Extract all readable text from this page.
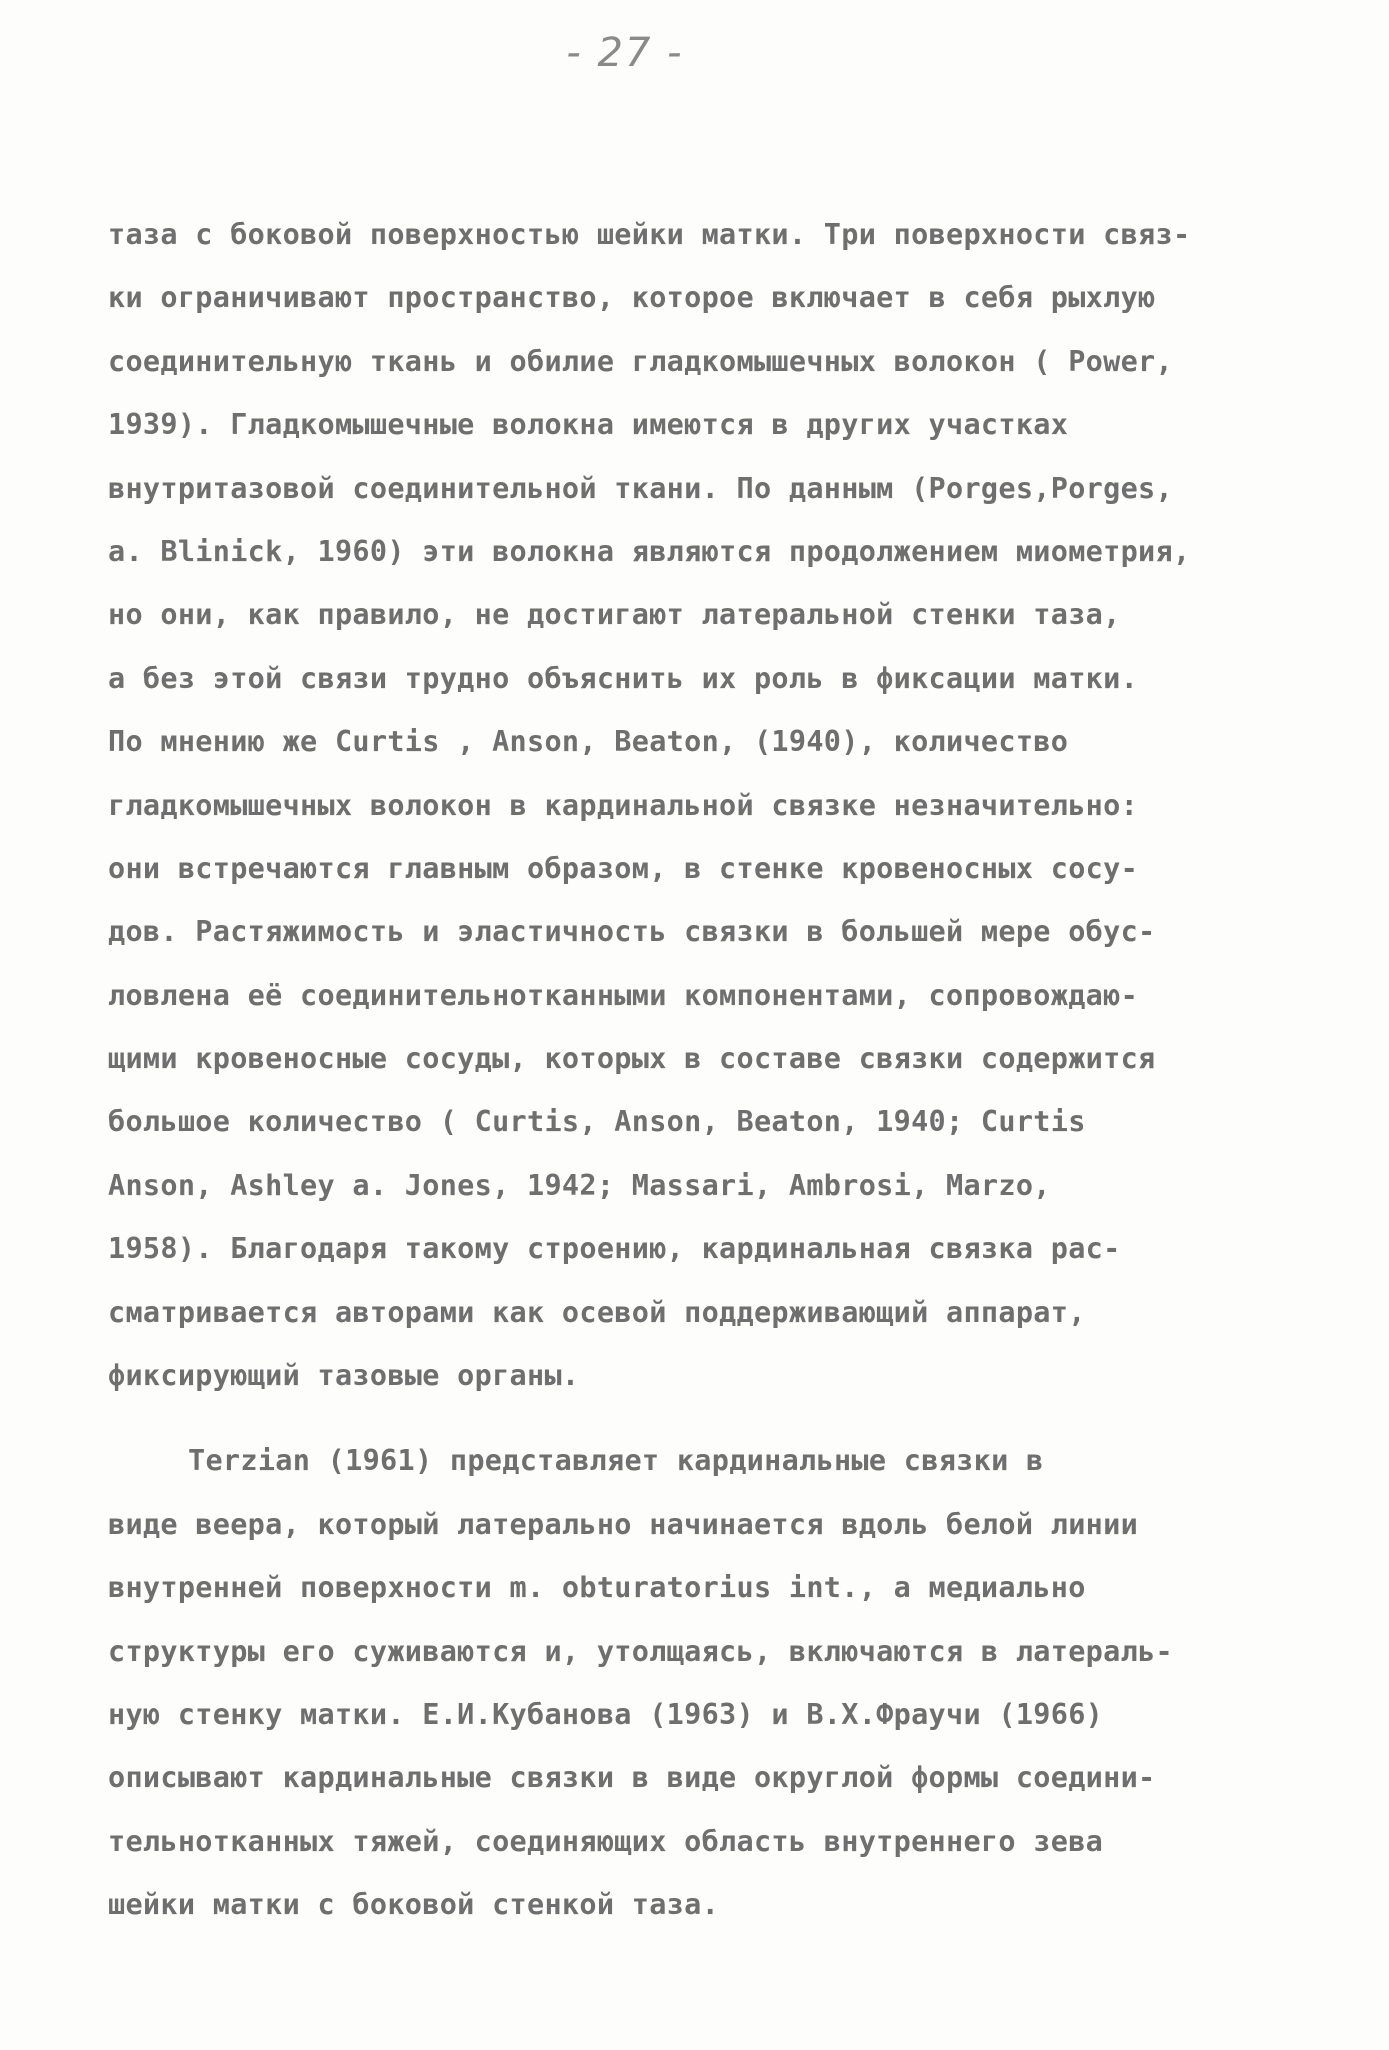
- 27 -
таза с боковой поверхностью шейки матки. Три поверхности связ-
ки ограничивают пространство, которое включает в себя рыхлую
соединительную ткань и обилие гладкомышечных волокон ( Power,
1939). Гладкомышечные волокна имеются в других участках
внутритазовой соединительной ткани. По данным (Porges,Porges,
a. Blinick, 1960) эти волокна являются продолжением миометрия,
но они, как правило, не достигают латеральной стенки таза,
а без этой связи трудно объяснить их роль в фиксации матки.
По мнению же Curtis , Anson, Beaton, (1940), количество
гладкомышечных волокон в кардинальной связке незначительно:
они встречаются главным образом, в стенке кровеносных сосу-
дов. Растяжимость и эластичность связки в большей мере обус-
ловлена её соединительнотканными компонентами, сопровождаю-
щими кровеносные сосуды, которых в составе связки содержится
большое количество ( Curtis, Anson, Beaton, 1940; Curtis
Anson, Ashley a. Jones, 1942; Massari, Ambrosi, Marzo,
1958). Благодаря такому строению, кардинальная связка рас-
сматривается авторами как осевой поддерживающий аппарат,
фиксирующий тазовые органы.
Terzian (1961) представляет кардинальные связки в
виде веера, который латерально начинается вдоль белой линии
внутренней поверхности m. obturatorius int., а медиально
структуры его суживаются и, утолщаясь, включаются в латераль-
ную стенку матки. Е.И.Кубанова (1963) и В.Х.Фраучи (1966)
описывают кардинальные связки в виде округлой формы соедини-
тельнотканных тяжей, соединяющих область внутреннего зева
шейки матки с боковой стенкой таза.
